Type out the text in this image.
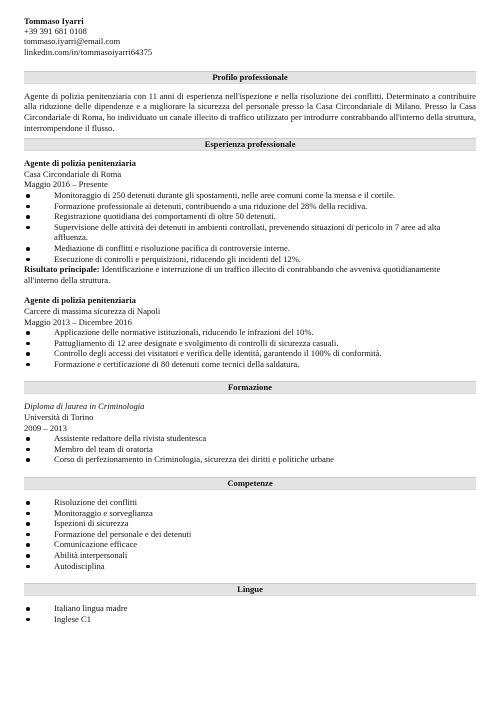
Tommaso Iyarri
+39 391 681 0108
tommaso.iyarri@email.com
linkedin.com/in/tommasoiyarri64375
Profilo professionale
Agente di polizia penitenziaria con 11 anni di esperienza nell'ispezione e nella risoluzione dei conflitti. Determinato a contribuire alla riduzione delle dipendenze e a migliorare la sicurezza del personale presso la Casa Circondariale di Milano. Presso la Casa Circondariale di Roma, ho individuato un canale illecito di traffico utilizzato per introdurre contrabbando all'interno della struttura, interrompendone il flusso.
Esperienza professionale
Agente di polizia penitenziaria
Casa Circondariale di Roma
Maggio 2016 – Presente
Monitoraggio di 250 detenuti durante gli spostamenti, nelle aree comuni come la mensa e il cortile.
Formazione professionale ai detenuti, contribuendo a una riduzione del 28% della recidiva.
Registrazione quotidiana dei comportamenti di oltre 50 detenuti.
Supervisione delle attività dei detenuti in ambienti controllati, prevenendo situazioni di pericolo in 7 aree ad alta affluenza.
Mediazione di conflitti e risoluzione pacifica di controversie interne.
Esecuzione di controlli e perquisizioni, riducendo gli incidenti del 12%.
Risultato principale: Identificazione e interruzione di un traffico illecito di contrabbando che avveniva quotidianamente all'interno della struttura.
Agente di polizia penitenziaria
Carcere di massima sicurezza di Napoli
Maggio 2013 – Dicembre 2016
Applicazione delle normative istituzionali, riducendo le infrazioni del 10%.
Pattugliamento di 12 aree designate e svolgimento di controlli di sicurezza casuali.
Controllo degli accessi dei visitatori e verifica delle identità, garantendo il 100% di conformità.
Formazione e certificazione di 80 detenuti come tecnici della saldatura.
Formazione
Diploma di laurea in Criminologia
Università di Torino
2009 – 2013
Assistente redattore della rivista studentesca
Membro del team di oratoria
Corso di perfezionamento in Criminologia, sicurezza dei diritti e politiche urbane
Competenze
Risoluzione dei conflitti
Monitoraggio e sorveglianza
Ispezioni di sicurezza
Formazione del personale e dei detenuti
Comunicazione efficace
Abilità interpersonali
Autodisciplina
Lingue
Italiano lingua madre
Inglese C1
